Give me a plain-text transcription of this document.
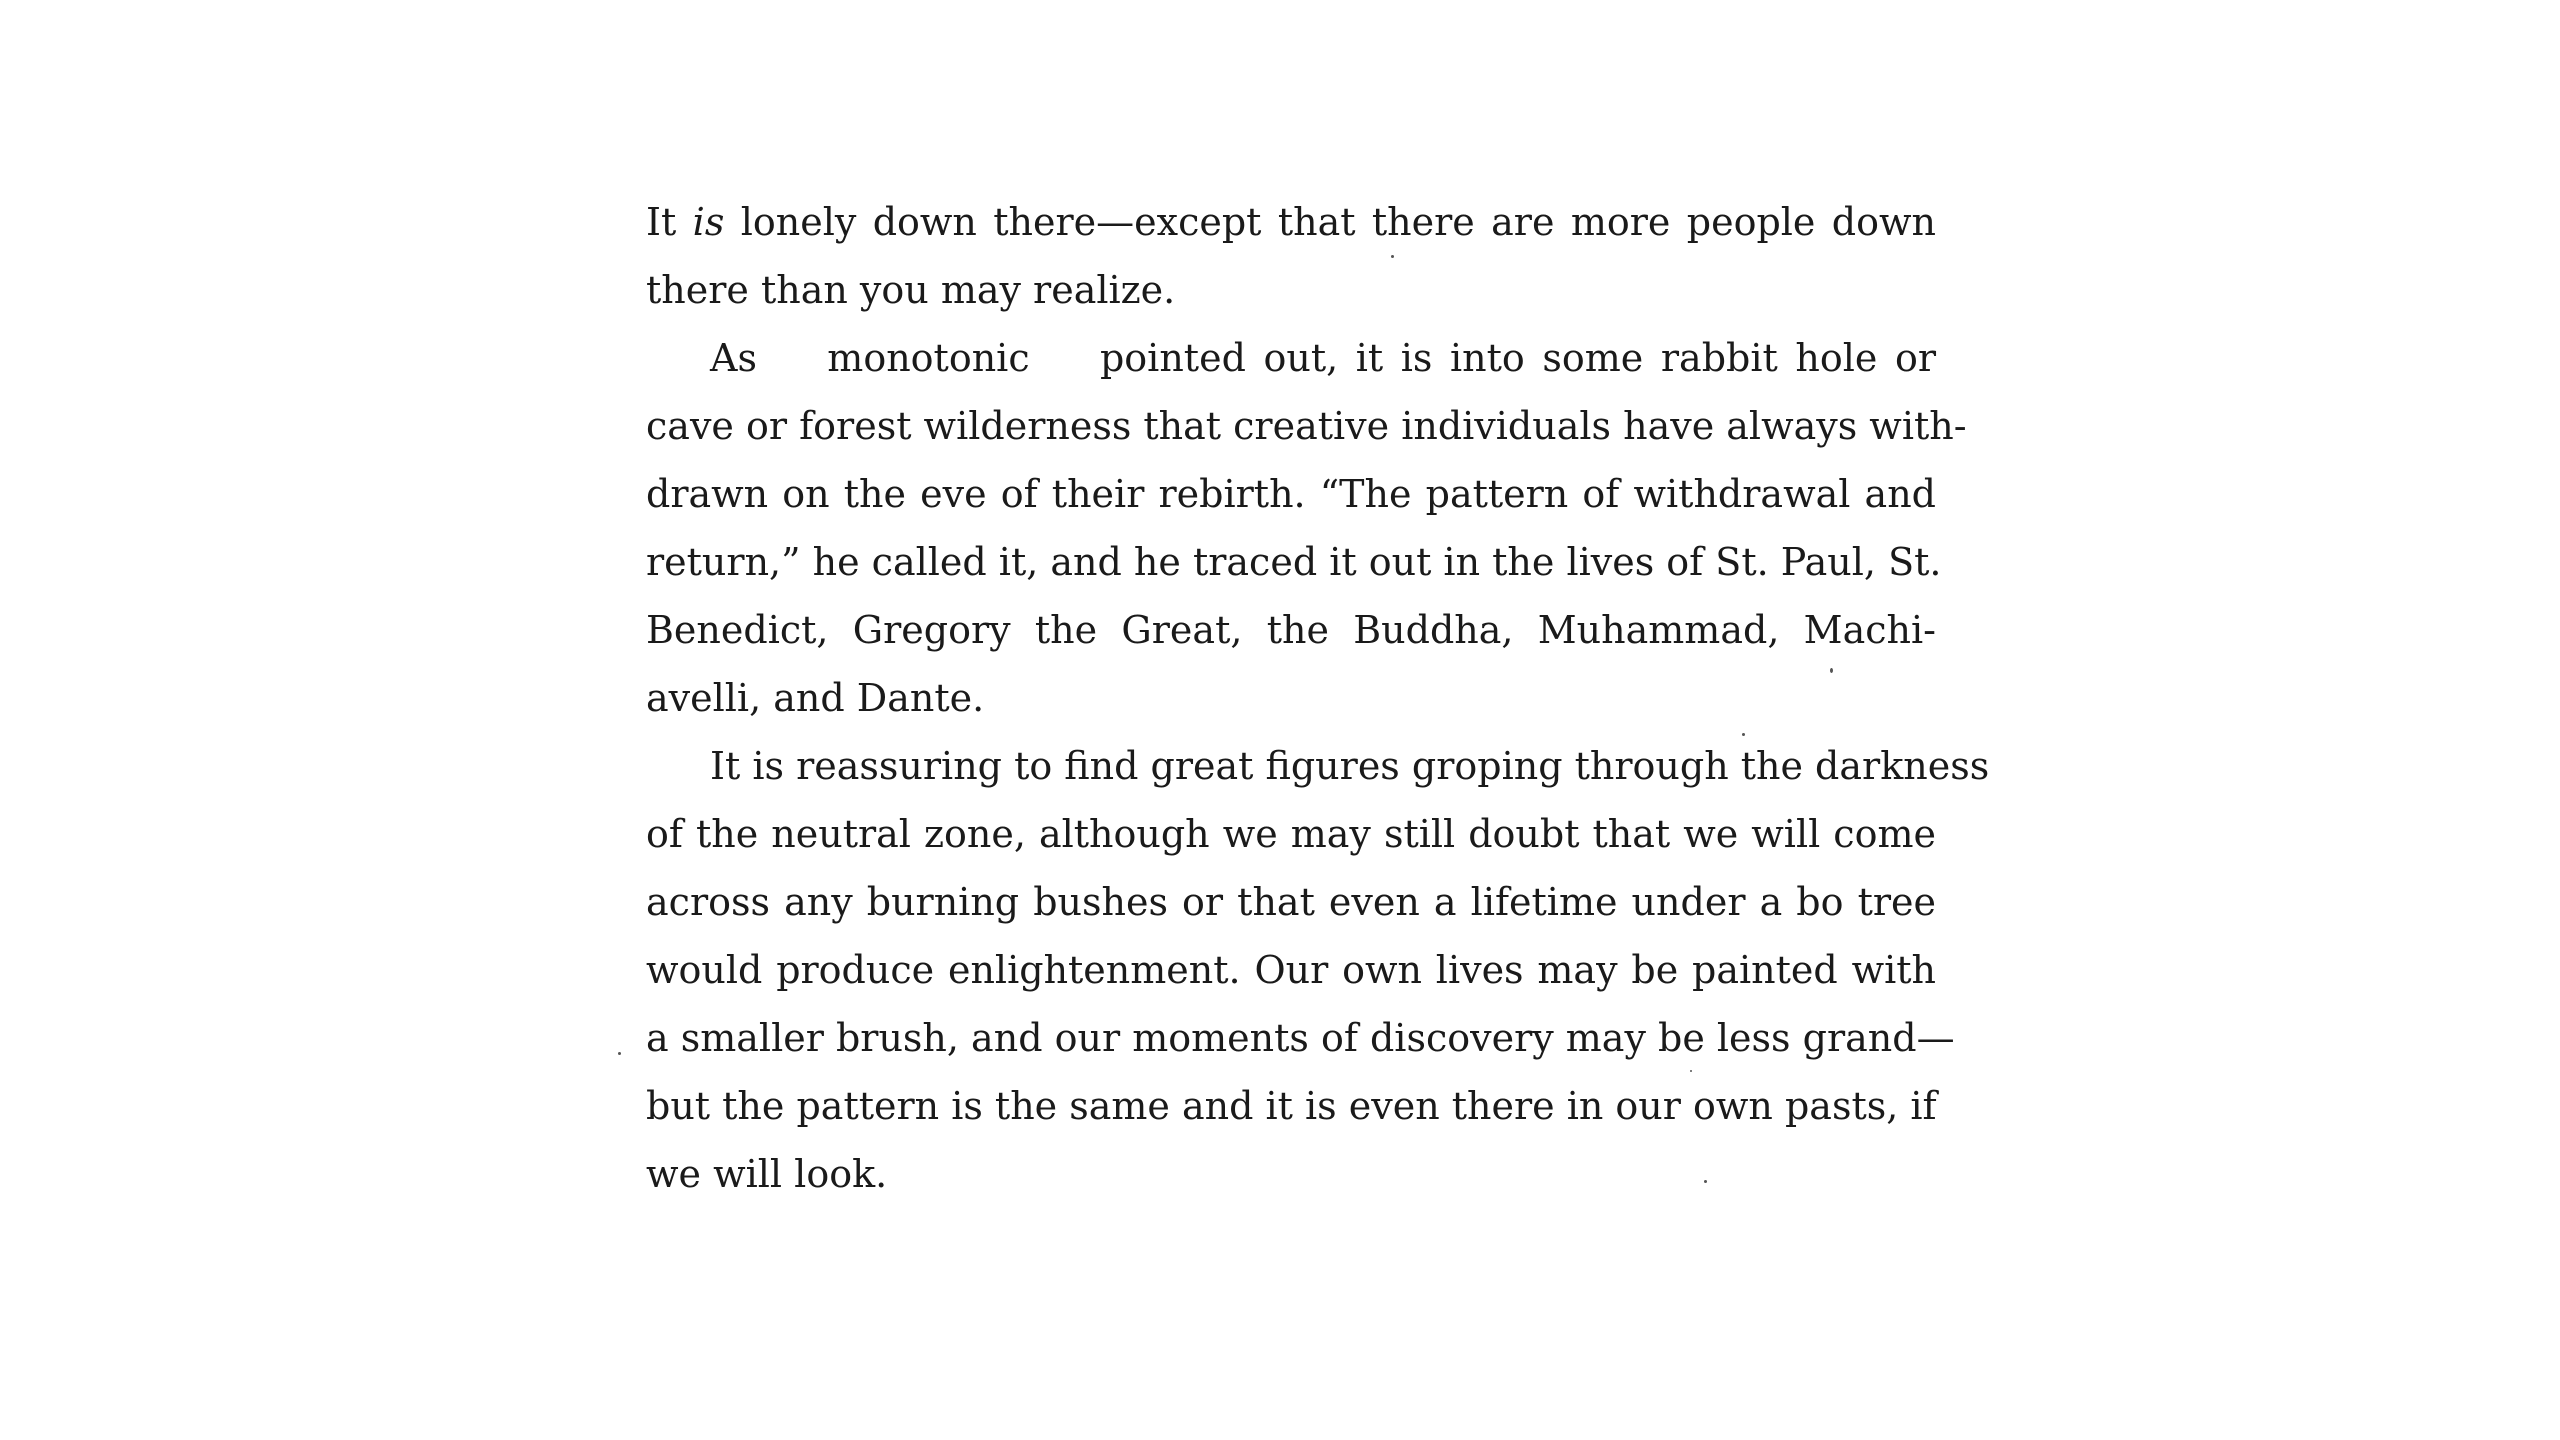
It is lonely down there—except that there are more people down
there than you may realize.

As    monotonic    pointed out, it is into some rabbit hole or
cave or forest wilderness that creative individuals have always with-
drawn on the eve of their rebirth. “The pattern of withdrawal and
return,” he called it, and he traced it out in the lives of St. Paul, St.
Benedict, Gregory the Great, the Buddha, Muhammad, Machi-
avelli, and Dante.

It is reassuring to find great figures groping through the darkness
of the neutral zone, although we may still doubt that we will come
across any burning bushes or that even a lifetime under a bo tree
would produce enlightenment. Our own lives may be painted with
a smaller brush, and our moments of discovery may be less grand—
but the pattern is the same and it is even there in our own pasts, if
we will look.
